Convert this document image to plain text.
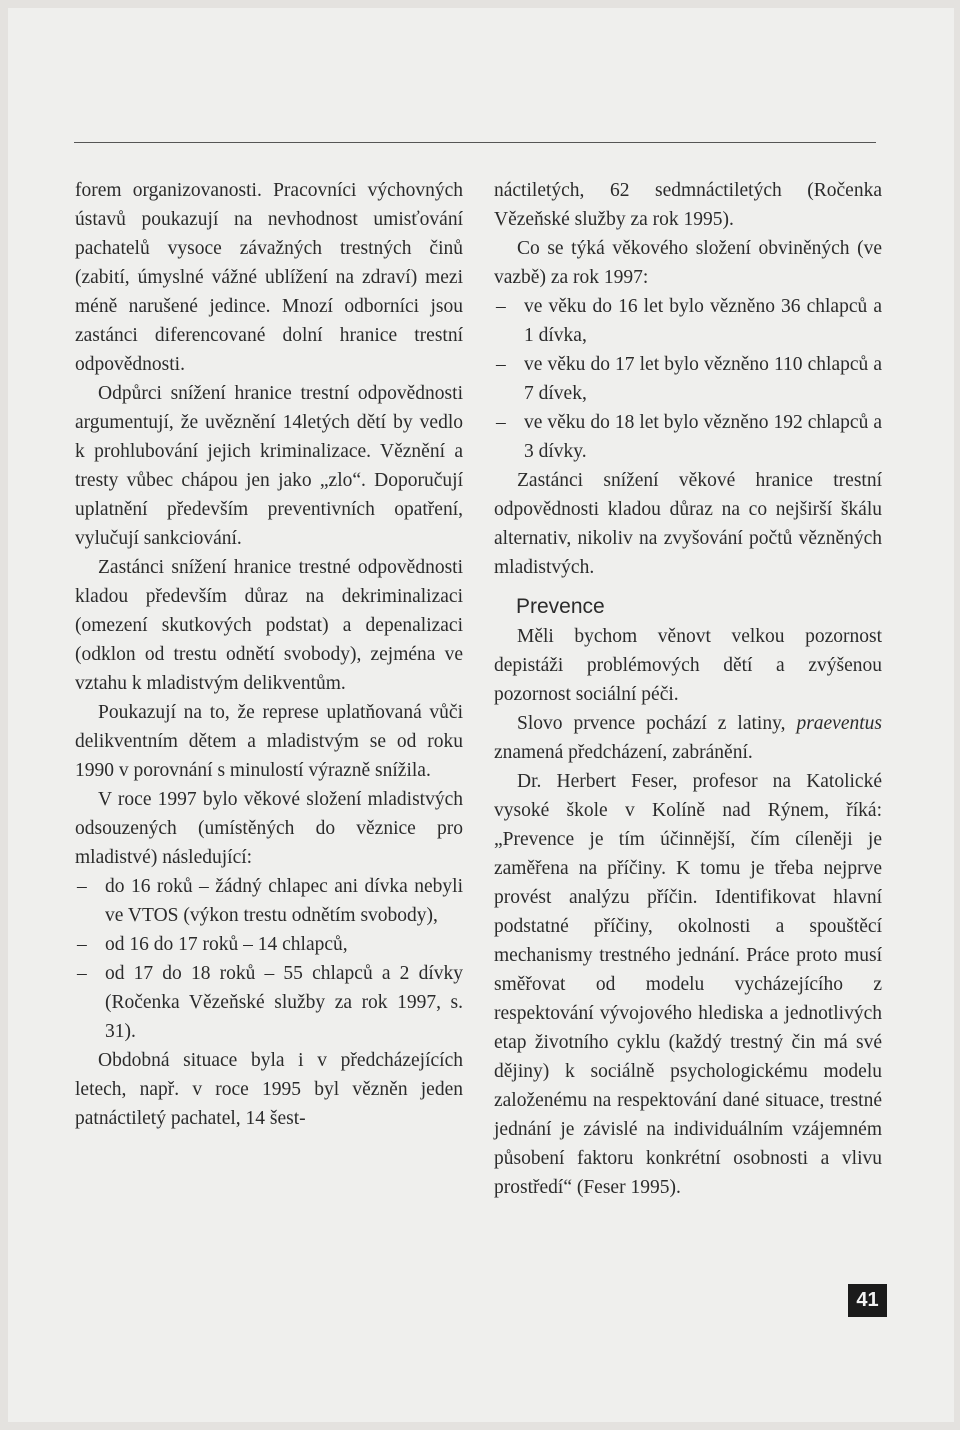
forem organizovanosti. Pracovníci výchovných ústavů poukazují na nevhodnost umisťování pachatelů vysoce závažných trestných činů (zabití, úmyslné vážné ublížení na zdraví) mezi méně narušené jedince. Mnozí odborníci jsou zastánci diferencované dolní hranice trestní odpovědnosti.

Odpůrci snížení hranice trestní odpovědnosti argumentují, že uvěznění 14letých dětí by vedlo k prohlubování jejich kriminalizace. Věznění a tresty vůbec chápou jen jako „zlo“. Doporučují uplatnění především preventivních opatření, vylučují sankciování.

Zastánci snížení hranice trestné odpovědnosti kladou především důraz na dekriminalizaci (omezení skutkových podstat) a depenalizaci (odklon od trestu odnětí svobody), zejména ve vztahu k mladistvým delikventům.

Poukazují na to, že represe uplatňovaná vůči delikventním dětem a mladistvým se od roku 1990 v porovnání s minulostí výrazně snížila.

V roce 1997 bylo věkové složení mladistvých odsouzených (umístěných do věznice pro mladistvé) následující:

– do 16 roků – žádný chlapec ani dívka nebyli ve VTOS (výkon trestu odnětím svobody),
– od 16 do 17 roků – 14 chlapců,
– od 17 do 18 roků – 55 chlapců a 2 dívky (Ročenka Vězeňské služby za rok 1997, s. 31).

Obdobná situace byla i v předcházejících letech, např. v roce 1995 byl vězněn jeden patnáctiletý pachatel, 14 šest-

náctiletých, 62 sedmnáctiletých (Ročenka Vězeňské služby za rok 1995).

Co se týká věkového složení obviněných (ve vazbě) za rok 1997:

– ve věku do 16 let bylo vězněno 36 chlapců a 1 dívka,
– ve věku do 17 let bylo vězněno 110 chlapců a 7 dívek,
– ve věku do 18 let bylo vězněno 192 chlapců a 3 dívky.

Zastánci snížení věkové hranice trestní odpovědnosti kladou důraz na co nejširší škálu alternativ, nikoliv na zvyšování počtů vězněných mladistvých.

Prevence

Měli bychom věnovt velkou pozornost depistáži problémových dětí a zvýšenou pozornost sociální péči.

Slovo prvence pochází z latiny, praeventus znamená předcházení, zabránění.

Dr. Herbert Feser, profesor na Katolické vysoké škole v Kolíně nad Rýnem, říká: „Prevence je tím účinnější, čím cíleněji je zaměřena na příčiny. K tomu je třeba nejprve provést analýzu příčin. Identifikovat hlavní podstatné příčiny, okolnosti a spouštěcí mechanismy trestného jednání. Práce proto musí směřovat od modelu vycházejícího z respektování vývojového hlediska a jednotlivých etap životního cyklu (každý trestný čin má své dějiny) k sociálně psychologickému modelu založenému na respektování dané situace, trestné jednání je závislé na individuálním vzájemném působení faktoru konkrétní osobnosti a vlivu prostředí“ (Feser 1995).

41
